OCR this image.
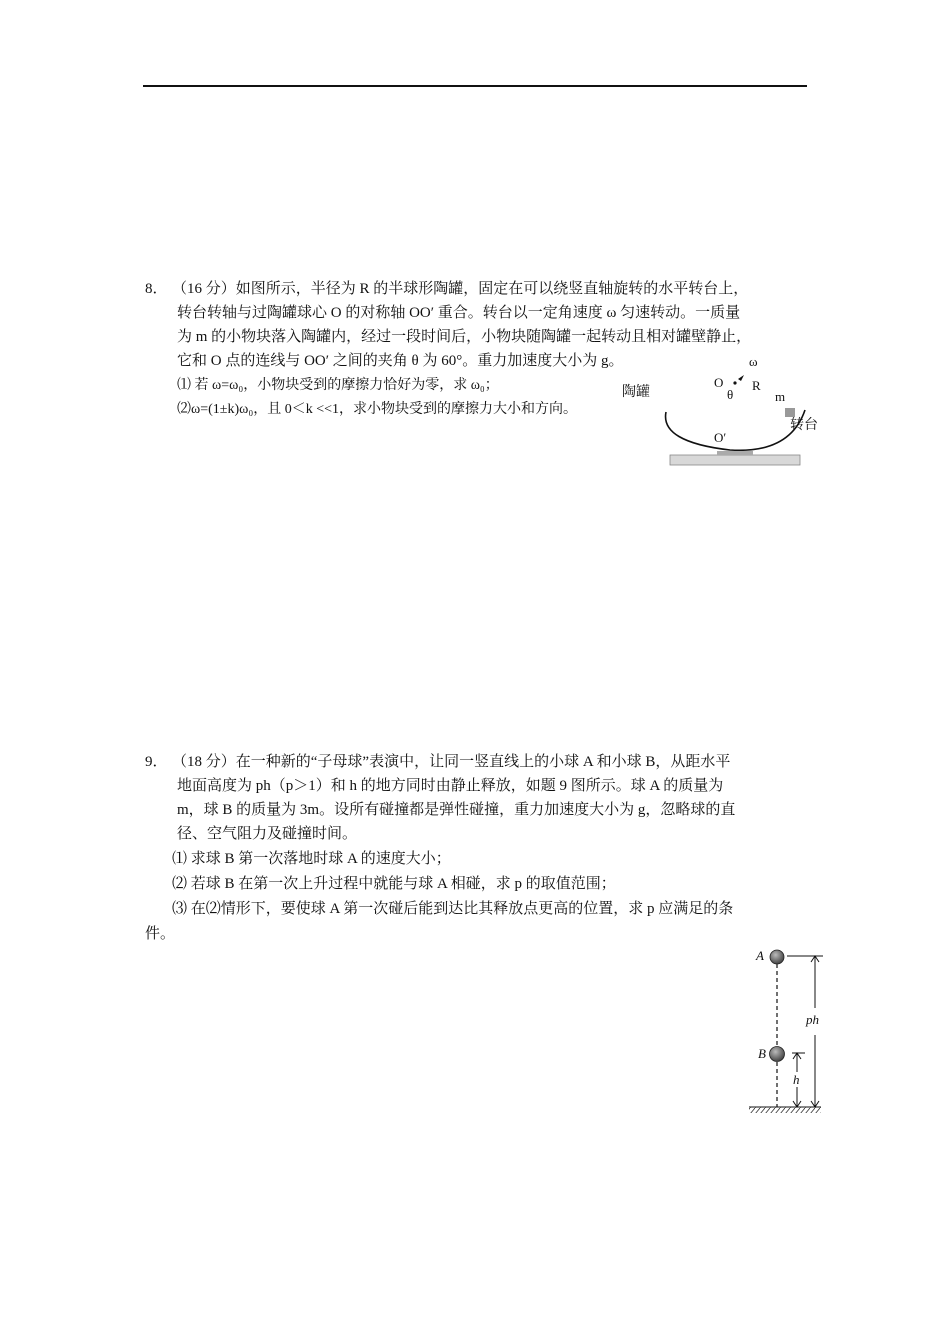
8． （16 分）如图所示，半径为 R 的半球形陶罐，固定在可以绕竖直轴旋转的水平转台上，
转台转轴与过陶罐球心 O 的对称轴 OO′ 重合。转台以一定角速度 ω 匀速转动。一质量
为 m 的小物块落入陶罐内，经过一段时间后，小物块随陶罐一起转动且相对罐壁静止，
它和 O 点的连线与 OO′ 之间的夹角 θ 为 60°。重力加速度大小为 g。
⑴ 若 ω=ω₀，小物块受到的摩擦力恰好为零，求 ω₀；
⑵ω=(1±k)ω₀，且 0＜k <<1，求小物块受到的摩擦力大小和方向。
ω
O
θ
R
m
陶罐
转台
O′
9． （18 分）在一种新的“子母球”表演中，让同一竖直线上的小球 A 和小球 B，从距水平
地面高度为 ph（p＞1）和 h 的地方同时由静止释放，如题 9 图所示。球 A 的质量为
m，球 B 的质量为 3m。设所有碰撞都是弹性碰撞，重力加速度大小为 g，忽略球的直
径、空气阻力及碰撞时间。
⑴ 求球 B 第一次落地时球 A 的速度大小；
⑵ 若球 B 在第一次上升过程中就能与球 A 相碰，求 p 的取值范围；
⑶ 在⑵情形下，要使球 A 第一次碰后能到达比其释放点更高的位置，求 p 应满足的条
件。
A
B
ph
h
